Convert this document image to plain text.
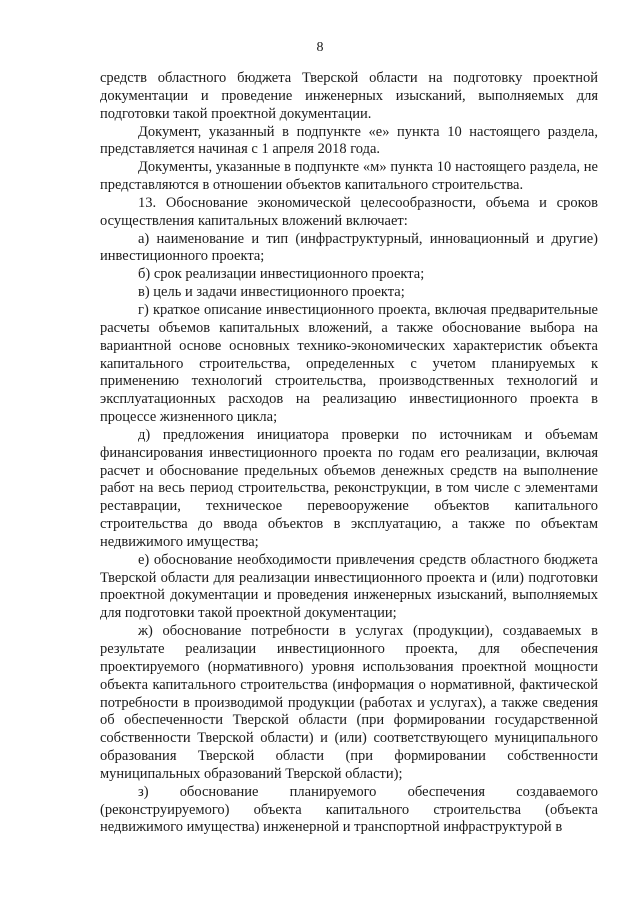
8

средств областного бюджета Тверской области на подготовку проектной документации и проведение инженерных изысканий, выполняемых для подготовки такой проектной документации.

Документ, указанный в подпункте «е» пункта 10 настоящего раздела, представляется начиная с 1 апреля 2018 года.

Документы, указанные в подпункте «м» пункта 10 настоящего раздела, не представляются в отношении объектов капитального строительства.

13. Обоснование экономической целесообразности, объема и сроков осуществления капитальных вложений включает:

а) наименование и тип (инфраструктурный, инновационный и другие) инвестиционного проекта;

б) срок реализации инвестиционного проекта;

в) цель и задачи инвестиционного проекта;

г) краткое описание инвестиционного проекта, включая предварительные расчеты объемов капитальных вложений, а также обоснование выбора на вариантной основе основных технико-экономических характеристик объекта капитального строительства, определенных с учетом планируемых к применению технологий строительства, производственных технологий и эксплуатационных расходов на реализацию инвестиционного проекта в процессе жизненного цикла;

д) предложения инициатора проверки по источникам и объемам финансирования инвестиционного проекта по годам его реализации, включая расчет и обоснование предельных объемов денежных средств на выполнение работ на весь период строительства, реконструкции, в том числе с элементами реставрации, техническое перевооружение объектов капитального строительства до ввода объектов в эксплуатацию, а также по объектам недвижимого имущества;

е) обоснование необходимости привлечения средств областного бюджета Тверской области для реализации инвестиционного проекта и (или) подготовки проектной документации и проведения инженерных изысканий, выполняемых для подготовки такой проектной документации;

ж) обоснование потребности в услугах (продукции), создаваемых в результате реализации инвестиционного проекта, для обеспечения проектируемого (нормативного) уровня использования проектной мощности объекта капитального строительства (информация о нормативной, фактической потребности в производимой продукции (работах и услугах), а также сведения об обеспеченности Тверской области (при формировании государственной собственности Тверской области) и (или) соответствующего муниципального образования Тверской области (при формировании собственности муниципальных образований Тверской области);

з) обоснование планируемого обеспечения создаваемого (реконструируемого) объекта капитального строительства (объекта недвижимого имущества) инженерной и транспортной инфраструктурой в
